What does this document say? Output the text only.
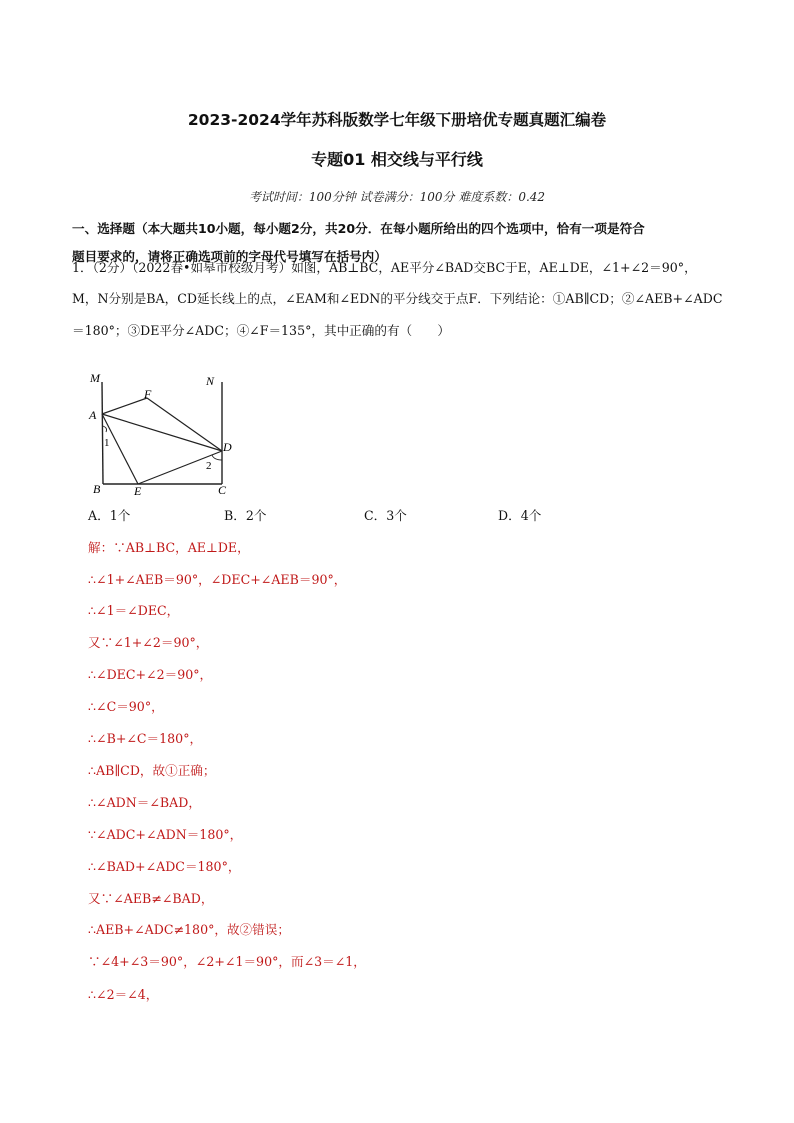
2023-2024学年苏科版数学七年级下册培优专题真题汇编卷
专题01 相交线与平行线
考试时间：100分钟 试卷满分：100分 难度系数：0.42
一、选择题（本大题共10小题，每小题2分，共20分．在每小题所给出的四个选项中，恰有一项是符合
题目要求的，请将正确选项前的字母代号填写在括号内）
1．（2分）（2022春•如皋市校级月考）如图，AB⊥BC，AE平分∠BAD交BC于E，AE⊥DE，∠1+∠2＝90°，
M，N分别是BA，CD延长线上的点，∠EAM和∠EDN的平分线交于点F．下列结论：①AB∥CD；②∠AEB+∠ADC
＝180°；③DE平分∠ADC；④∠F＝135°，其中正确的有（　　）
M	N
F
A
D
B	E	C
1
2
A．1个	B．2个	C．3个	D．4个
解：∵AB⊥BC，AE⊥DE，
∴∠1+∠AEB＝90°，∠DEC+∠AEB＝90°，
∴∠1＝∠DEC，
又∵∠1+∠2＝90°，
∴∠DEC+∠2＝90°，
∴∠C＝90°，
∴∠B+∠C＝180°，
∴AB∥CD，故①正确；
∴∠ADN＝∠BAD，
∵∠ADC+∠ADN＝180°，
∴∠BAD+∠ADC＝180°，
又∵∠AEB≠∠BAD，
∴AEB+∠ADC≠180°，故②错误；
∵∠4+∠3＝90°，∠2+∠1＝90°，而∠3＝∠1，
∴∠2＝∠4，
